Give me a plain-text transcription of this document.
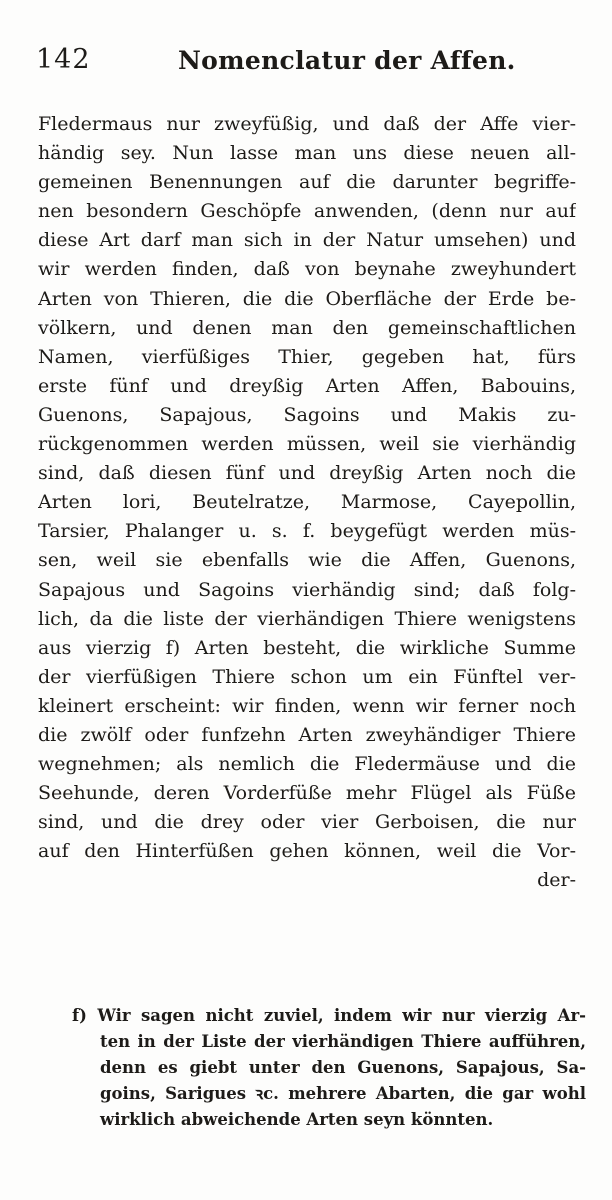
142	Nomenclatur der Affen.
Fledermaus nur zweyfüßig, und daß der Affe vier-
händig sey. Nun lasse man uns diese neuen all-
gemeinen Benennungen auf die darunter begriffe-
nen besondern Geschöpfe anwenden, (denn nur auf
diese Art darf man sich in der Natur umsehen) und
wir werden finden, daß von beynahe zweyhundert
Arten von Thieren, die die Oberfläche der Erde be-
völkern, und denen man den gemeinschaftlichen
Namen, vierfüßiges Thier, gegeben hat, fürs
erste fünf und dreyßig Arten Affen, Babouins,
Guenons, Sapajous, Sagoins und Makis zu-
rückgenommen werden müssen, weil sie vierhändig
sind, daß diesen fünf und dreyßig Arten noch die
Arten lori, Beutelratze, Marmose, Cayepollin,
Tarsier, Phalanger u. s. f. beygefügt werden müs-
sen, weil sie ebenfalls wie die Affen, Guenons,
Sapajous und Sagoins vierhändig sind; daß folg-
lich, da die liste der vierhändigen Thiere wenigstens
aus vierzig f) Arten besteht, die wirkliche Summe
der vierfüßigen Thiere schon um ein Fünftel ver-
kleinert erscheint: wir finden, wenn wir ferner noch
die zwölf oder funfzehn Arten zweyhändiger Thiere
wegnehmen; als nemlich die Fledermäuse und die
Seehunde, deren Vorderfüße mehr Flügel als Füße
sind, und die drey oder vier Gerboisen, die nur
auf den Hinterfüßen gehen können, weil die Vor-
der-
f) Wir sagen nicht zuviel, indem wir nur vierzig Ar-
ten in der Liste der vierhändigen Thiere aufführen,
denn es giebt unter den Guenons, Sapajous, Sa-
goins, Sarigues ꝛc. mehrere Abarten, die gar wohl
wirklich abweichende Arten seyn könnten.
